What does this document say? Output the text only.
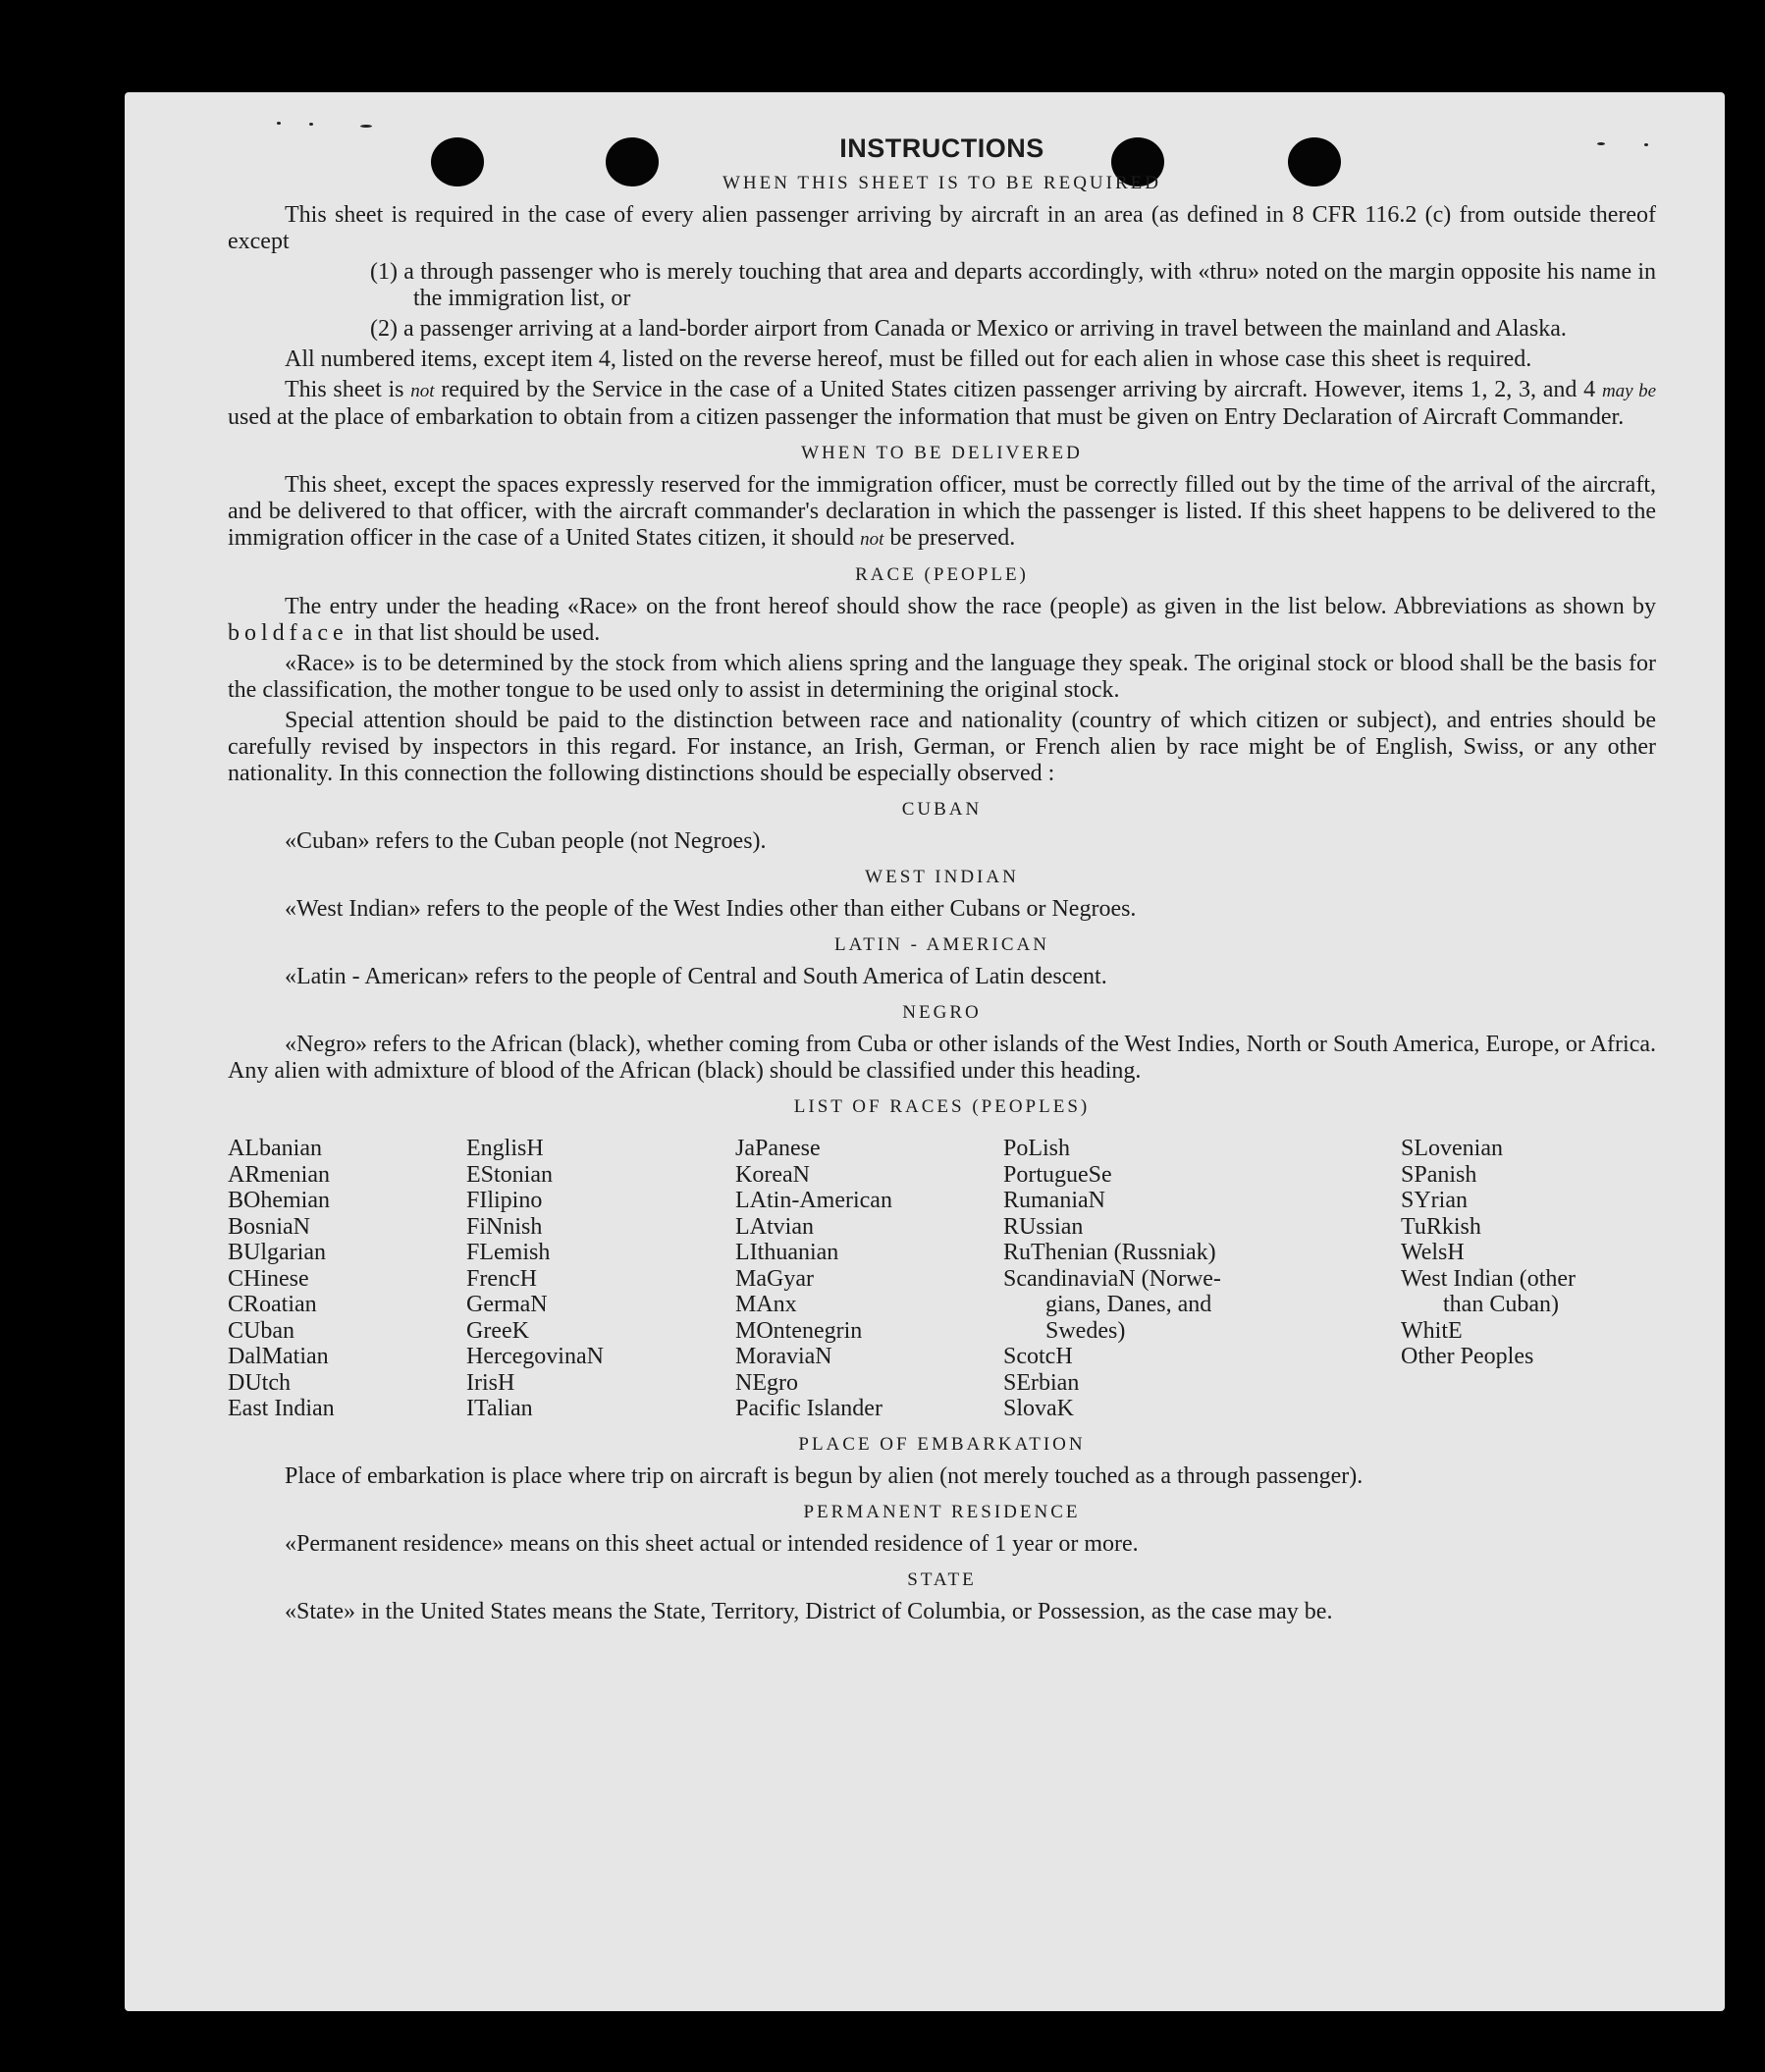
INSTRUCTIONS
WHEN THIS SHEET IS TO BE REQUIRED

This sheet is required in the case of every alien passenger arriving by aircraft in an area (as defined in 8 CFR 116.2 (c) from outside thereof except

(1) a through passenger who is merely touching that area and departs accordingly, with «thru» noted on the margin opposite his name in the immigration list, or

(2) a passenger arriving at a land-border airport from Canada or Mexico or arriving in travel between the mainland and Alaska.

All numbered items, except item 4, listed on the reverse hereof, must be filled out for each alien in whose case this sheet is required.

This sheet is not required by the Service in the case of a United States citizen passenger arriving by aircraft. However, items 1, 2, 3, and 4 may be used at the place of embarkation to obtain from a citizen passenger the information that must be given on Entry Declaration of Aircraft Commander.

WHEN TO BE DELIVERED

This sheet, except the spaces expressly reserved for the immigration officer, must be correctly filled out by the time of the arrival of the aircraft, and be delivered to that officer, with the aircraft commander's declaration in which the passenger is listed. If this sheet happens to be delivered to the immigration officer in the case of a United States citizen, it should not be preserved.

RACE (PEOPLE)

The entry under the heading «Race» on the front hereof should show the race (people) as given in the list below. Abbreviations as shown by boldface in that list should be used.

«Race» is to be determined by the stock from which aliens spring and the language they speak. The original stock or blood shall be the basis for the classification, the mother tongue to be used only to assist in determining the original stock.

Special attention should be paid to the distinction between race and nationality (country of which citizen or subject), and entries should be carefully revised by inspectors in this regard. For instance, an Irish, German, or French alien by race might be of English, Swiss, or any other nationality. In this connection the following distinctions should be especially observed :

CUBAN

«Cuban» refers to the Cuban people (not Negroes).

WEST INDIAN

«West Indian» refers to the people of the West Indies other than either Cubans or Negroes.

LATIN - AMERICAN

«Latin - American» refers to the people of Central and South America of Latin descent.

NEGRO

«Negro» refers to the African (black), whether coming from Cuba or other islands of the West Indies, North or South America, Europe, or Africa. Any alien with admixture of blood of the African (black) should be classified under this heading.

LIST OF RACES (PEOPLES)
ALbanian
ARmenian
BOhemian
BosniaN
BUlgarian
CHinese
CRoatian
CUban
DalMatian
DUtch
East Indian
EnglisH
EStonian
FIlipino
FiNnish
FLemish
FrencH
GermaN
GreeK
HercegovinaN
IrisH
ITalian
JaPanese
KoreaN
LAtin-American
LAtvian
LIthuanian
MaGyar
MAnx
MOntenegrin
MoraviaN
NEgro
Pacific Islander
PoLish
PortugueSe
RumaniaN
RUssian
RuThenian (Russniak)
ScandinaviaN (Norwe-
gians, Danes, and
Swedes)
ScotcH
SErbian
SlovaK
SLovenian
SPanish
SYrian
TuRkish
WelsH
West Indian (other
than Cuban)
WhitE
Other Peoples
PLACE OF EMBARKATION

Place of embarkation is place where trip on aircraft is begun by alien (not merely touched as a through passenger).

PERMANENT RESIDENCE

«Permanent residence» means on this sheet actual or intended residence of 1 year or more.

STATE

«State» in the United States means the State, Territory, District of Columbia, or Possession, as the case may be.
